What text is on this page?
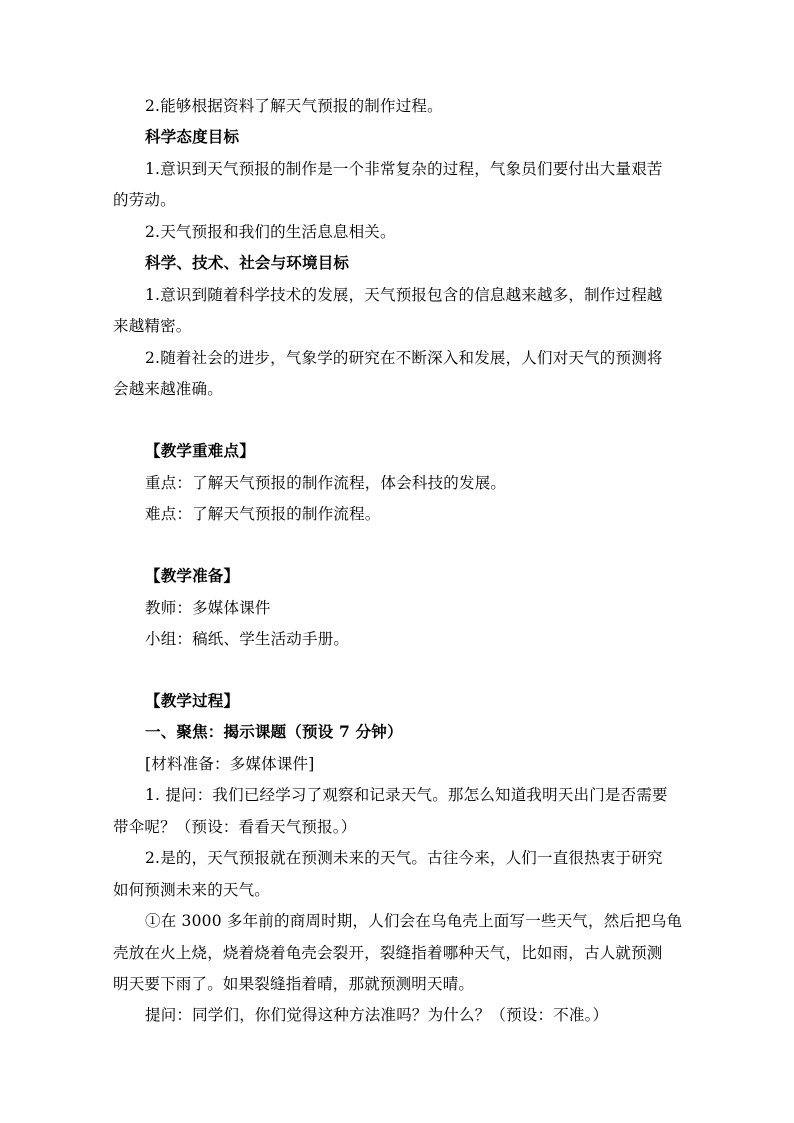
2.能够根据资料了解天气预报的制作过程。
科学态度目标
1.意识到天气预报的制作是一个非常复杂的过程，气象员们要付出大量艰苦
的劳动。
2.天气预报和我们的生活息息相关。
科学、技术、社会与环境目标
1.意识到随着科学技术的发展，天气预报包含的信息越来越多，制作过程越
来越精密。
2.随着社会的进步，气象学的研究在不断深入和发展，人们对天气的预测将
会越来越准确。
【教学重难点】
重点：了解天气预报的制作流程，体会科技的发展。
难点：了解天气预报的制作流程。
【教学准备】
教师：多媒体课件
小组：稿纸、学生活动手册。
【教学过程】
一、聚焦：揭示课题（预设 7 分钟）
[材料准备：多媒体课件]
1. 提问：我们已经学习了观察和记录天气。那怎么知道我明天出门是否需要
带伞呢？（预设：看看天气预报。）
2.是的，天气预报就在预测未来的天气。古往今来，人们一直很热衷于研究
如何预测未来的天气。
①在 3000 多年前的商周时期，人们会在乌龟壳上面写一些天气，然后把乌龟
壳放在火上烧，烧着烧着龟壳会裂开，裂缝指着哪种天气，比如雨，古人就预测
明天要下雨了。如果裂缝指着晴，那就预测明天晴。
提问：同学们，你们觉得这种方法准吗？为什么？（预设：不准。）
